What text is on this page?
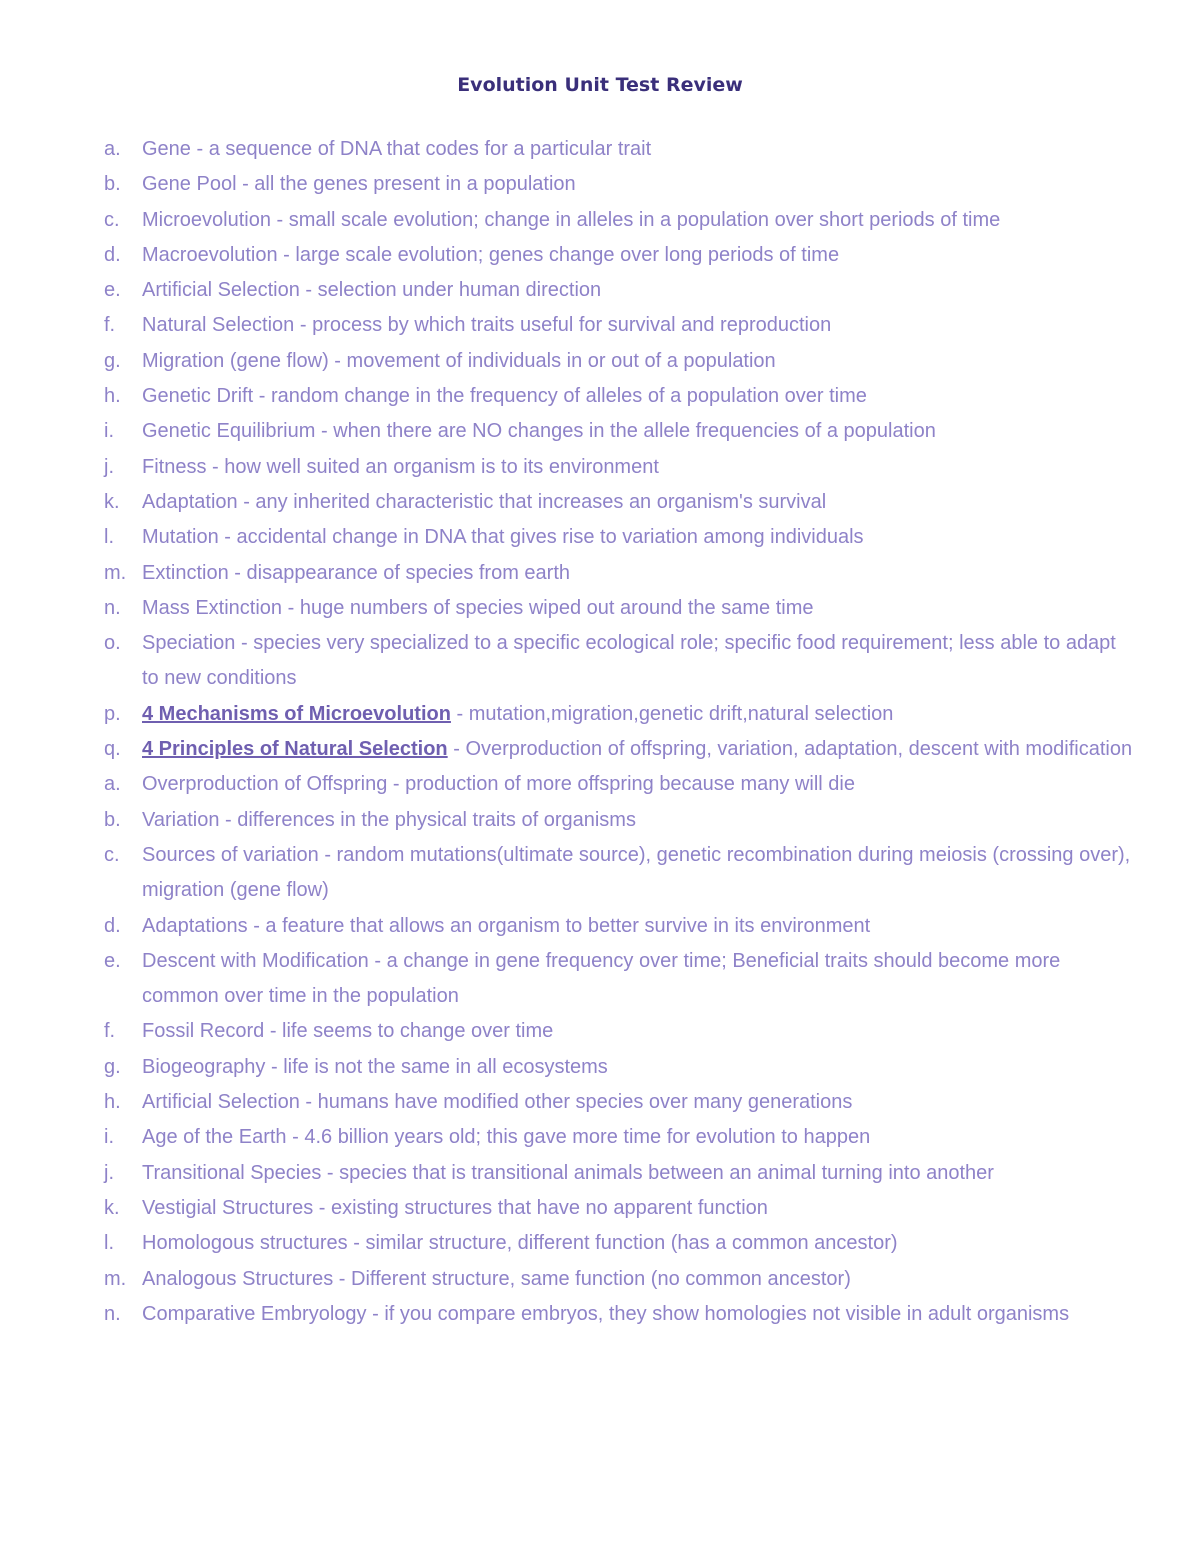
Evolution Unit Test Review
a.	Gene - a sequence of DNA that codes for a particular trait
b.	Gene Pool - all the genes present in a population
c.	Microevolution - small scale evolution; change in alleles in a population over short periods of time
d.	Macroevolution - large scale evolution; genes change over long periods of time
e.	Artificial Selection - selection under human direction
f.	Natural Selection - process by which traits useful for survival and reproduction
g.	Migration (gene flow) - movement of individuals in or out of a population
h.	Genetic Drift - random change in the frequency of alleles of a population over time
i.	Genetic Equilibrium - when there are NO changes in the allele frequencies of a population
j.	Fitness - how well suited an organism is to its environment
k.	Adaptation - any inherited characteristic that increases an organism's survival
l.	Mutation - accidental change in DNA that gives rise to variation among individuals
m. Extinction - disappearance of species from earth
n.	Mass Extinction - huge numbers of species wiped out around the same time
o.	Speciation - species very specialized to a specific ecological role; specific food requirement; less able to adapt to new conditions
p.	4 Mechanisms of Microevolution - mutation,migration,genetic drift,natural selection
q.	4 Principles of Natural Selection - Overproduction of offspring, variation, adaptation, descent with modification
a.	Overproduction of Offspring - production of more offspring because many will die
b.	Variation - differences in the physical traits of organisms
c.	Sources of variation - random mutations(ultimate source), genetic recombination during meiosis (crossing over), migration (gene flow)
d.	Adaptations - a feature that allows an organism to better survive in its environment
e.	Descent with Modification - a change in gene frequency over time; Beneficial traits should become more common over time in the population
f.	Fossil Record - life seems to change over time
g.	Biogeography - life is not the same in all ecosystems
h.	Artificial Selection - humans have modified other species over many generations
i.	Age of the Earth - 4.6 billion years old; this gave more time for evolution to happen
j.	Transitional Species - species that is transitional animals between an animal turning into another
k.	Vestigial Structures - existing structures that have no apparent function
l.	Homologous structures - similar structure, different function (has a common ancestor)
m. Analogous Structures - Different structure, same function (no common ancestor)
n.	Comparative Embryology - if you compare embryos, they show homologies not visible in adult organisms
